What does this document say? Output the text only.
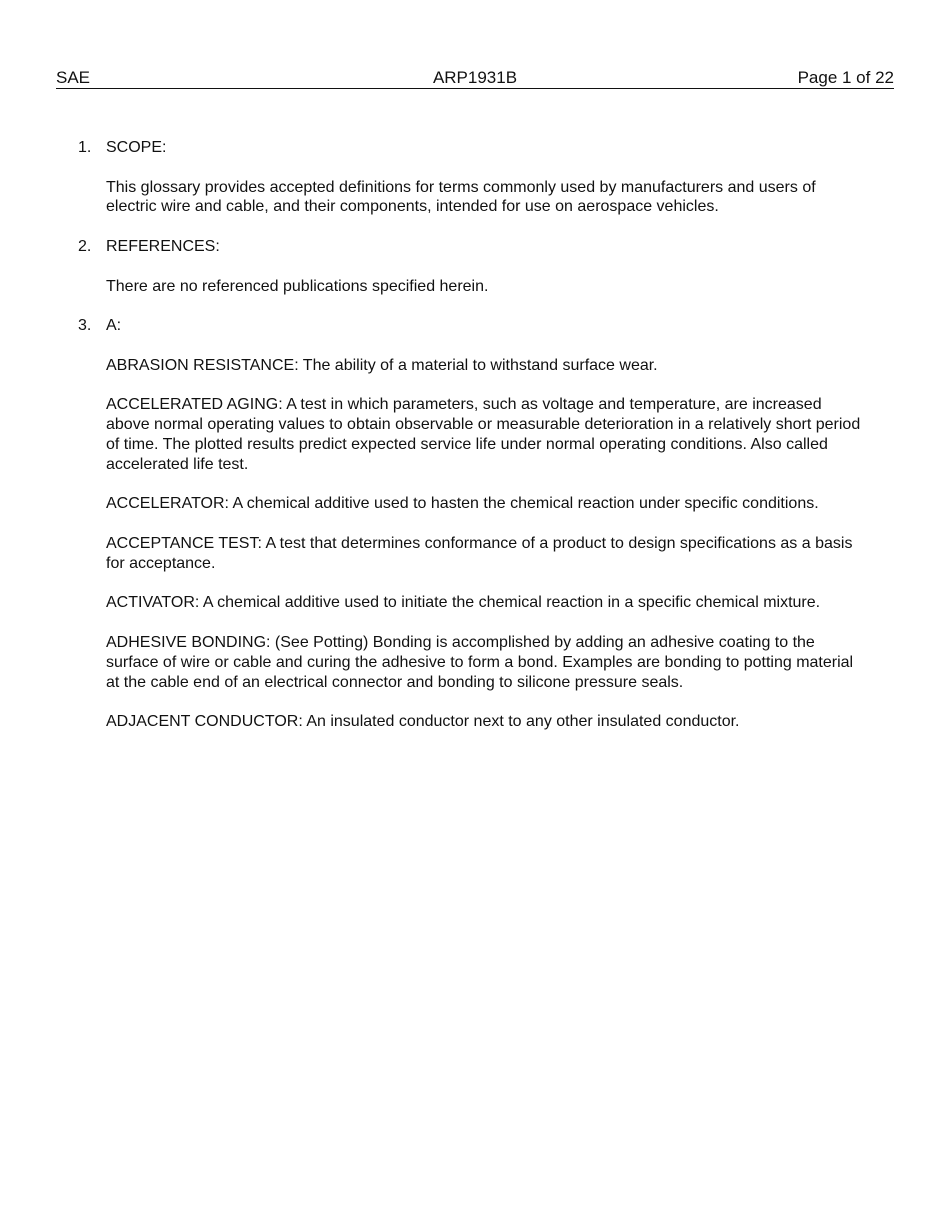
SAE	ARP1931B	Page 1 of 22
1. SCOPE:

This glossary provides accepted definitions for terms commonly used by manufacturers and users of electric wire and cable, and their components, intended for use on aerospace vehicles.

2. REFERENCES:

There are no referenced publications specified herein.

3. A:

ABRASION RESISTANCE: The ability of a material to withstand surface wear.

ACCELERATED AGING: A test in which parameters, such as voltage and temperature, are increased above normal operating values to obtain observable or measurable deterioration in a relatively short period of time. The plotted results predict expected service life under normal operating conditions. Also called accelerated life test.

ACCELERATOR: A chemical additive used to hasten the chemical reaction under specific conditions.

ACCEPTANCE TEST: A test that determines conformance of a product to design specifications as a basis for acceptance.

ACTIVATOR: A chemical additive used to initiate the chemical reaction in a specific chemical mixture.

ADHESIVE BONDING: (See Potting) Bonding is accomplished by adding an adhesive coating to the surface of wire or cable and curing the adhesive to form a bond. Examples are bonding to potting material at the cable end of an electrical connector and bonding to silicone pressure seals.

ADJACENT CONDUCTOR: An insulated conductor next to any other insulated conductor.
